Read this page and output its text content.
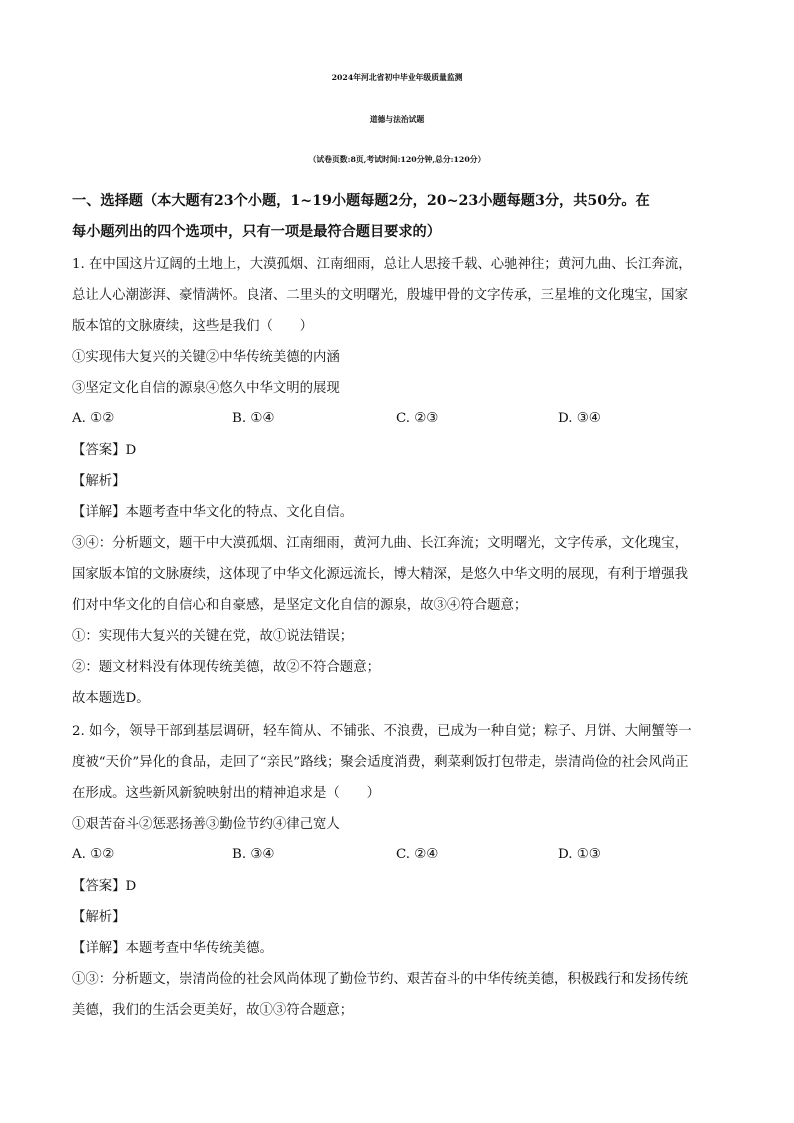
2024年河北省初中毕业年级质量监测
道德与法治试题
（试卷页数:8页,考试时间:120分钟,总分:120分）
一、选择题（本大题有23个小题，1~19小题每题2分，20~23小题每题3分，共50分。在
每小题列出的四个选项中，只有一项是最符合题目要求的）
1. 在中国这片辽阔的土地上，大漠孤烟、江南细雨，总让人思接千载、心驰神往；黄河九曲、长江奔流，
总让人心潮澎湃、豪情满怀。良渚、二里头的文明曙光，殷墟甲骨的文字传承，三星堆的文化瑰宝，国家
版本馆的文脉赓续，这些是我们（　　）
①实现伟大复兴的关键②中华传统美德的内涵
③坚定文化自信的源泉④悠久中华文明的展现
A. ①②	B. ①④	C. ②③	D. ③④
【答案】D
【解析】
【详解】本题考查中华文化的特点、文化自信。
③④：分析题文，题干中大漠孤烟、江南细雨，黄河九曲、长江奔流；文明曙光，文字传承，文化瑰宝，
国家版本馆的文脉赓续，这体现了中华文化源远流长，博大精深，是悠久中华文明的展现，有利于增强我
们对中华文化的自信心和自豪感，是坚定文化自信的源泉，故③④符合题意；
①：实现伟大复兴的关键在党，故①说法错误；
②：题文材料没有体现传统美德，故②不符合题意；
故本题选D。
2. 如今，领导干部到基层调研，轻车简从、不铺张、不浪费，已成为一种自觉；粽子、月饼、大闸蟹等一
度被“天价”异化的食品，走回了“亲民”路线；聚会适度消费，剩菜剩饭打包带走，崇清尚俭的社会风尚正
在形成。这些新风新貌映射出的精神追求是（　　）
①艰苦奋斗②惩恶扬善③勤俭节约④律己宽人
A. ①②	B. ③④	C. ②④	D. ①③
【答案】D
【解析】
【详解】本题考查中华传统美德。
①③：分析题文，崇清尚俭的社会风尚体现了勤俭节约、艰苦奋斗的中华传统美德，积极践行和发扬传统
美德，我们的生活会更美好，故①③符合题意；
